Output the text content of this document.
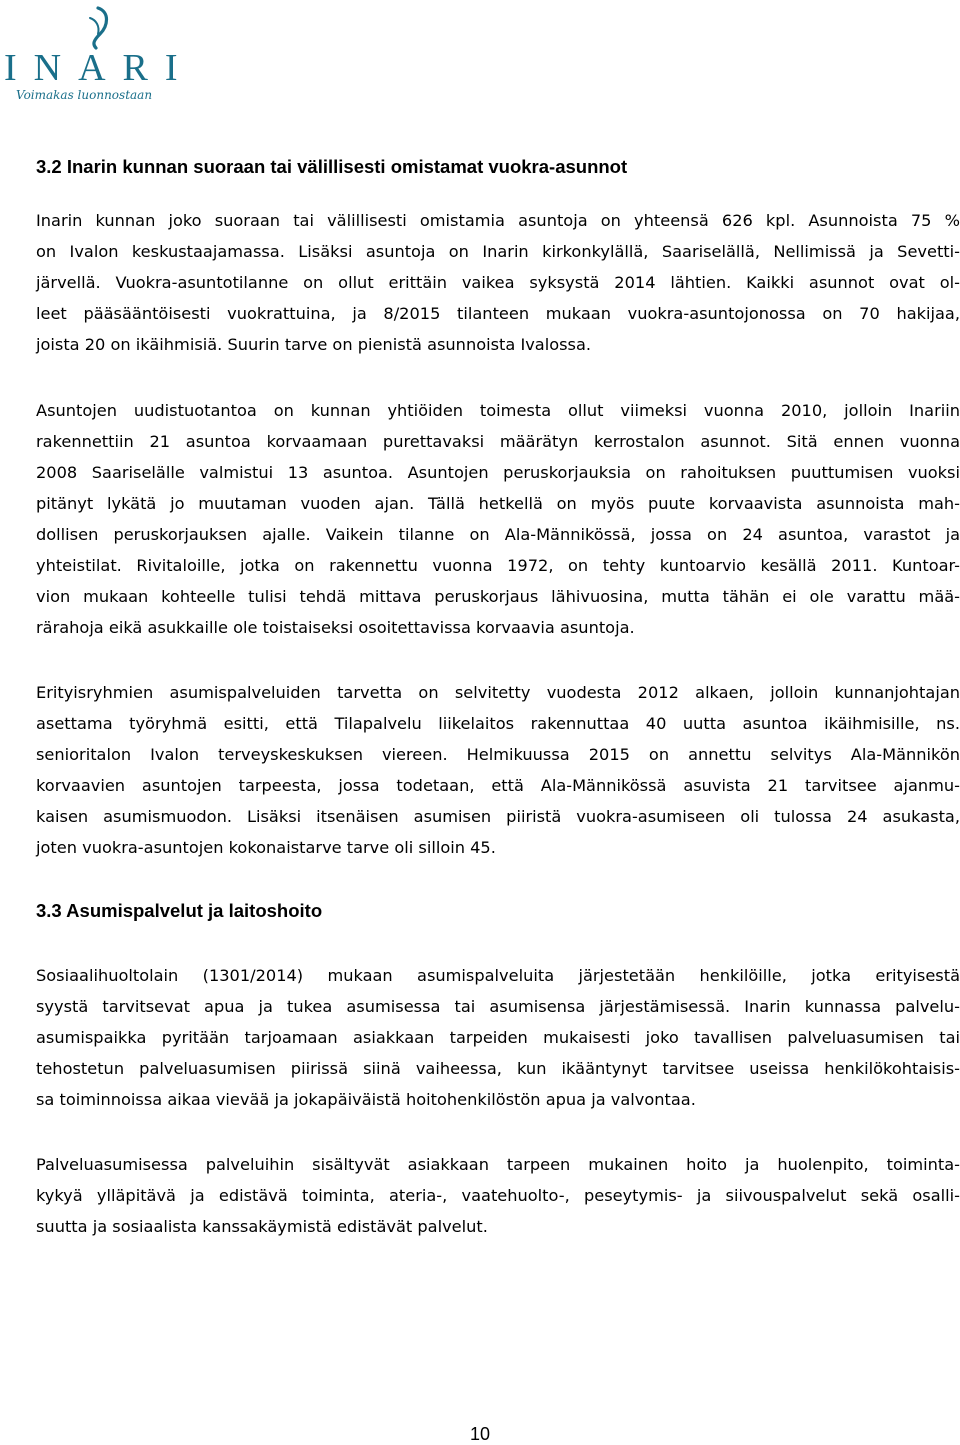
INARI
Voimakas luonnostaan
3.2 Inarin kunnan suoraan tai välillisesti omistamat vuokra-asunnot
Inarin kunnan joko suoraan tai välillisesti omistamia asuntoja on yhteensä 626 kpl. Asunnoista 75 %
on Ivalon keskustaajamassa. Lisäksi asuntoja on Inarin kirkonkylällä, Saariselällä, Nellimissä ja Sevetti-
järvellä. Vuokra-asuntotilanne on ollut erittäin vaikea syksystä 2014 lähtien. Kaikki asunnot ovat ol-
leet pääsääntöisesti vuokrattuina, ja 8/2015 tilanteen mukaan vuokra-asuntojonossa on 70 hakijaa,
joista 20 on ikäihmisiä. Suurin tarve on pienistä asunnoista Ivalossa.
Asuntojen uudistuotantoa on kunnan yhtiöiden toimesta ollut viimeksi vuonna 2010, jolloin Inariin
rakennettiin 21 asuntoa korvaamaan purettavaksi määrätyn kerrostalon asunnot. Sitä ennen vuonna
2008 Saariselälle valmistui 13 asuntoa. Asuntojen peruskorjauksia on rahoituksen puuttumisen vuoksi
pitänyt lykätä jo muutaman vuoden ajan. Tällä hetkellä on myös puute korvaavista asunnoista mah-
dollisen peruskorjauksen ajalle. Vaikein tilanne on Ala-Männikössä, jossa on 24 asuntoa, varastot ja
yhteistilat. Rivitaloille, jotka on rakennettu vuonna 1972, on tehty kuntoarvio kesällä 2011. Kuntoar-
vion mukaan kohteelle tulisi tehdä mittava peruskorjaus lähivuosina, mutta tähän ei ole varattu mää-
rärahoja eikä asukkaille ole toistaiseksi osoitettavissa korvaavia asuntoja.
Erityisryhmien asumispalveluiden tarvetta on selvitetty vuodesta 2012 alkaen, jolloin kunnanjohtajan
asettama työryhmä esitti, että Tilapalvelu liikelaitos rakennuttaa 40 uutta asuntoa ikäihmisille, ns.
senioritalon Ivalon terveyskeskuksen viereen. Helmikuussa 2015 on annettu selvitys Ala-Männikön
korvaavien asuntojen tarpeesta, jossa todetaan, että Ala-Männikössä asuvista 21 tarvitsee ajanmu-
kaisen asumismuodon. Lisäksi itsenäisen asumisen piiristä vuokra-asumiseen oli tulossa 24 asukasta,
joten vuokra-asuntojen kokonaistarve tarve oli silloin 45.
3.3 Asumispalvelut ja laitoshoito
Sosiaalihuoltolain (1301/2014) mukaan asumispalveluita järjestetään henkilöille, jotka erityisestä
syystä tarvitsevat apua ja tukea asumisessa tai asumisensa järjestämisessä. Inarin kunnassa palvelu-
asumispaikka pyritään tarjoamaan asiakkaan tarpeiden mukaisesti joko tavallisen palveluasumisen tai
tehostetun palveluasumisen piirissä siinä vaiheessa, kun ikääntynyt tarvitsee useissa henkilökohtaisis-
sa toiminnoissa aikaa vievää ja jokapäiväistä hoitohenkilöstön apua ja valvontaa.
Palveluasumisessa palveluihin sisältyvät asiakkaan tarpeen mukainen hoito ja huolenpito, toiminta-
kykyä ylläpitävä ja edistävä toiminta, ateria-, vaatehuolto-, peseytymis- ja siivouspalvelut sekä osalli-
suutta ja sosiaalista kanssakäymistä edistävät palvelut.

10
